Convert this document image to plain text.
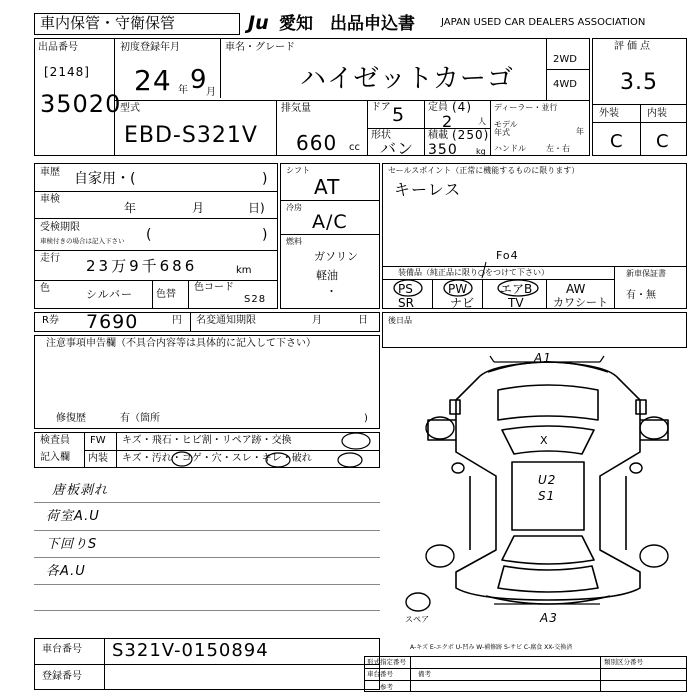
車内保管・守衛保管	Ju 愛知 出品申込書	JAPAN USED CAR DEALERS ASSOCIATION
出品番号
[2148]
35020
初度登録年月
24 年 9
月
車名・グレード
ハイゼットカーゴ
2WD
4WD
型式
EBD-S321V
排気量
660 cc
ドア 5
形状
バン
定員 (4)
2	人
積載 (250)
350 kg
ディーラー・並行
モデル年式	年
ハンドル	左・右
評価点
3.5
外装	内装
C C
車歴 自家用・(	)
車検
年	月	日)
受検期限
車検付きの場合は記入下さい (	)
走行 23万9千686	km
色	シルバー 色替
色コード
S28
シフト
AT
冷房
A/C
燃料
ガソリン
軽油
・
セールスポイント（正常に機能するものに限ります）
キーレス
装備品（純正品に限り○をつけて下さい）
Fo4
PS	PW	エアB	AW
SR	ナビ	TV	カワシート
新車保証書
有・無
R券 7690	円 名変通知期限	月	日	後日品
注意事項申告欄（不具合内容等は具体的に記入して下さい）
修復歴	有（箇所	)
検査員
記入欄
FW キズ・飛石・ヒビ割・リペア跡・交換
内装 キズ・汚れ・コゲ・穴・スレ・キレ・破れ
唐板剥れ
荷室A.U
下回りS
各A.U
A1
X
U2
S1
A3
スペア
A-キズ E-エクボ U-凹み W-補修跡 S-サビ C-腐食 XX-交換済
車台番号 S321V-0150894
登録番号
形式指定番号	類別区分番号
車台番号	備考
参考
